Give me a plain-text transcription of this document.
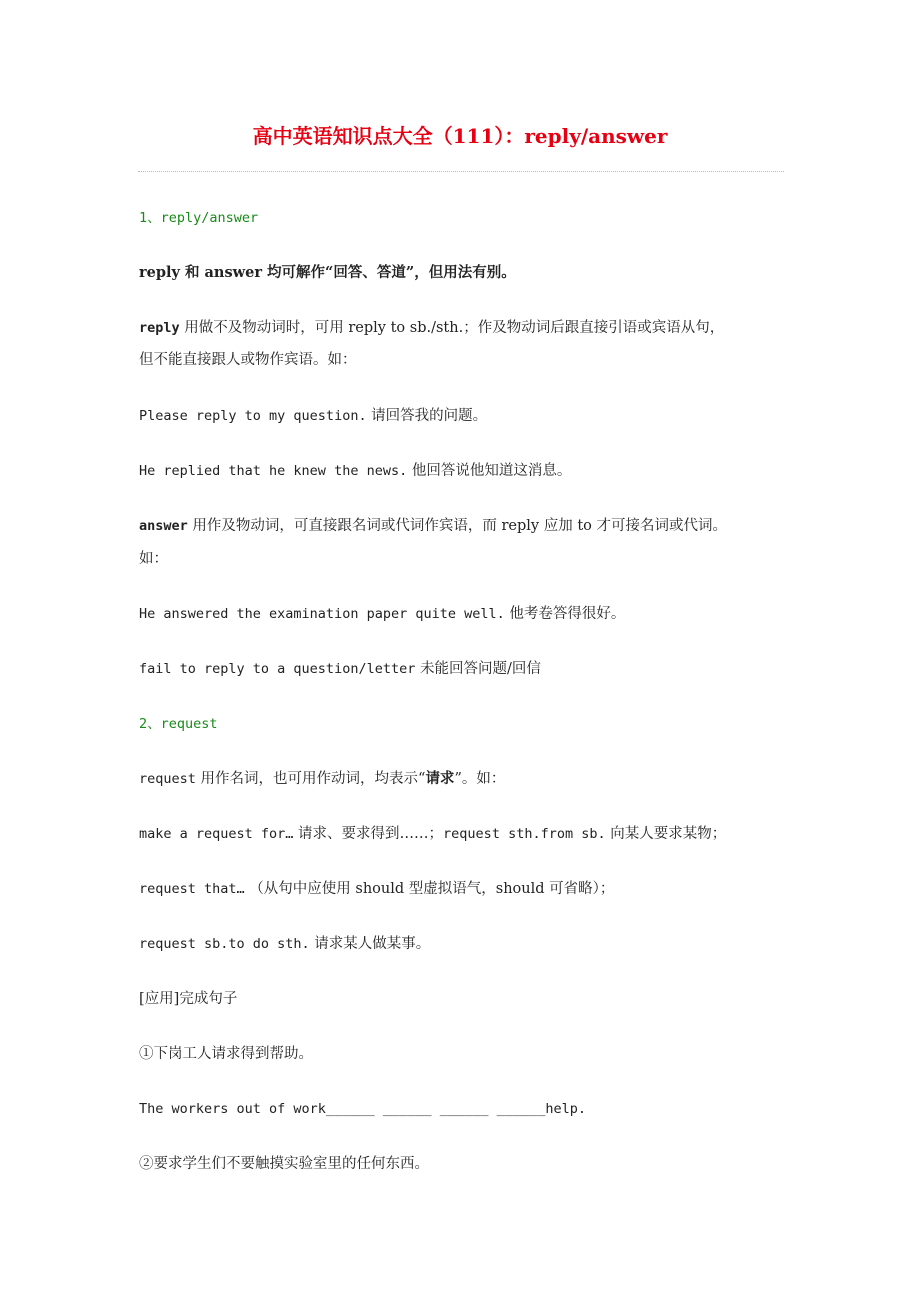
高中英语知识点大全（111）：reply/answer
1、reply/answer
reply 和 answer 均可解作“回答、答道”，但用法有别。
reply 用做不及物动词时，可用 reply to sb./sth.；作及物动词后跟直接引语或宾语从句，
但不能直接跟人或物作宾语。如：
Please reply to my question. 请回答我的问题。
He replied that he knew the news. 他回答说他知道这消息。
answer 用作及物动词，可直接跟名词或代词作宾语，而 reply 应加 to 才可接名词或代词。
如：
He answered the examination paper quite well. 他考卷答得很好。
fail to reply to a question/letter 未能回答问题/回信
2、request
request 用作名词，也可用作动词，均表示“请求”。如：
make a request for… 请求、要求得到……；request sth.from sb. 向某人要求某物；
request that… （从句中应使用 should 型虚拟语气，should 可省略）；
request sb.to do sth. 请求某人做某事。
[应用]完成句子
①下岗工人请求得到帮助。
The workers out of work______ ______ ______ ______help.
②要求学生们不要触摸实验室里的任何东西。
